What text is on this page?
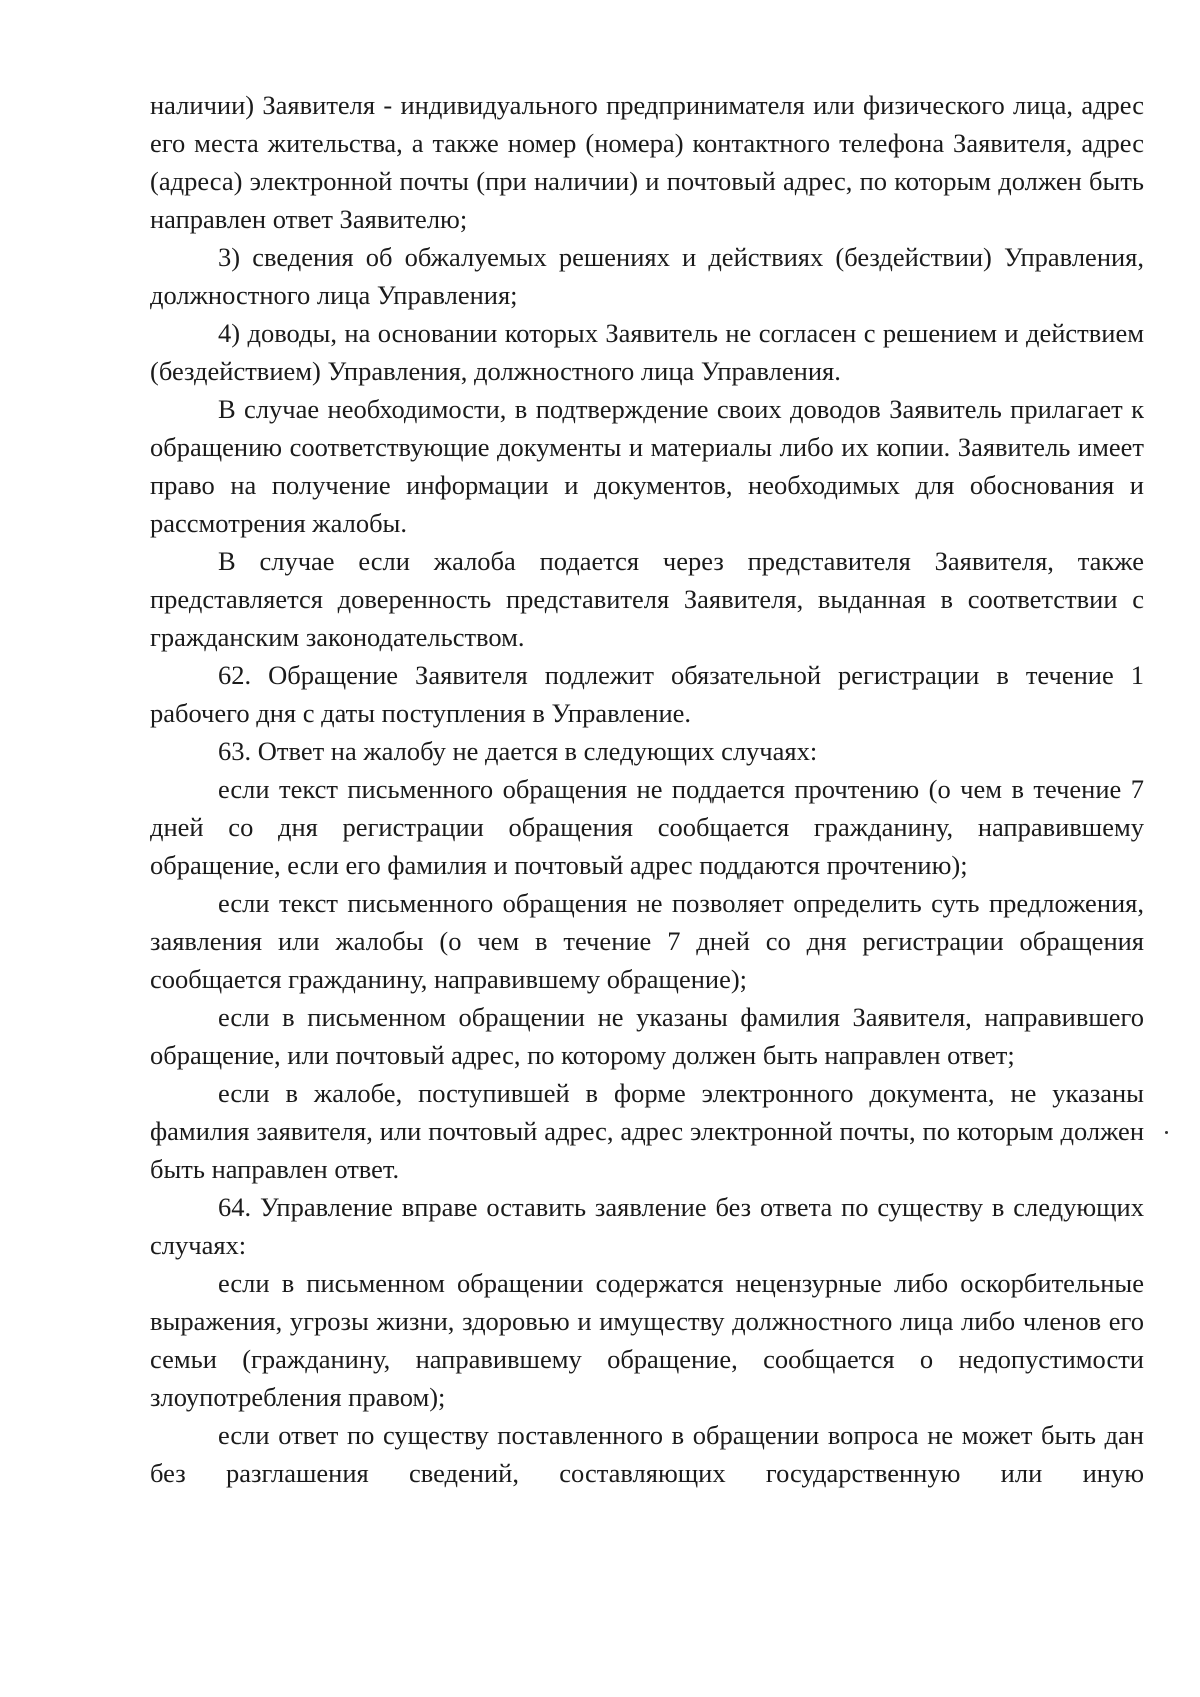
наличии) Заявителя - индивидуального предпринимателя или физического лица, адрес его места жительства, а также номер (номера) контактного телефона Заявителя, адрес (адреса) электронной почты (при наличии) и почтовый адрес, по которым должен быть направлен ответ Заявителю;

3) сведения об обжалуемых решениях и действиях (бездействии) Управления, должностного лица Управления;

4) доводы, на основании которых Заявитель не согласен с решением и действием (бездействием) Управления, должностного лица Управления.

В случае необходимости, в подтверждение своих доводов Заявитель прилагает к обращению соответствующие документы и материалы либо их копии. Заявитель имеет право на получение информации и документов, необходимых для обоснования и рассмотрения жалобы.

В случае если жалоба подается через представителя Заявителя, также представляется доверенность представителя Заявителя, выданная в соответствии с гражданским законодательством.

62. Обращение Заявителя подлежит обязательной регистрации в течение 1 рабочего дня с даты поступления в Управление.

63. Ответ на жалобу не дается в следующих случаях:

если текст письменного обращения не поддается прочтению (о чем в течение 7 дней со дня регистрации обращения сообщается гражданину, направившему обращение, если его фамилия и почтовый адрес поддаются прочтению);

если текст письменного обращения не позволяет определить суть предложения, заявления или жалобы (о чем в течение 7 дней со дня регистрации обращения сообщается гражданину, направившему обращение);

если в письменном обращении не указаны фамилия Заявителя, направившего обращение, или почтовый адрес, по которому должен быть направлен ответ;

если в жалобе, поступившей в форме электронного документа, не указаны фамилия заявителя, или почтовый адрес, адрес электронной почты, по которым должен быть направлен ответ.

64. Управление вправе оставить заявление без ответа по существу в следующих случаях:

если в письменном обращении содержатся нецензурные либо оскорбительные выражения, угрозы жизни, здоровью и имуществу должностного лица либо членов его семьи (гражданину, направившему обращение, сообщается о недопустимости злоупотребления правом);

если ответ по существу поставленного в обращении вопроса не может быть дан без разглашения сведений, составляющих государственную или иную
